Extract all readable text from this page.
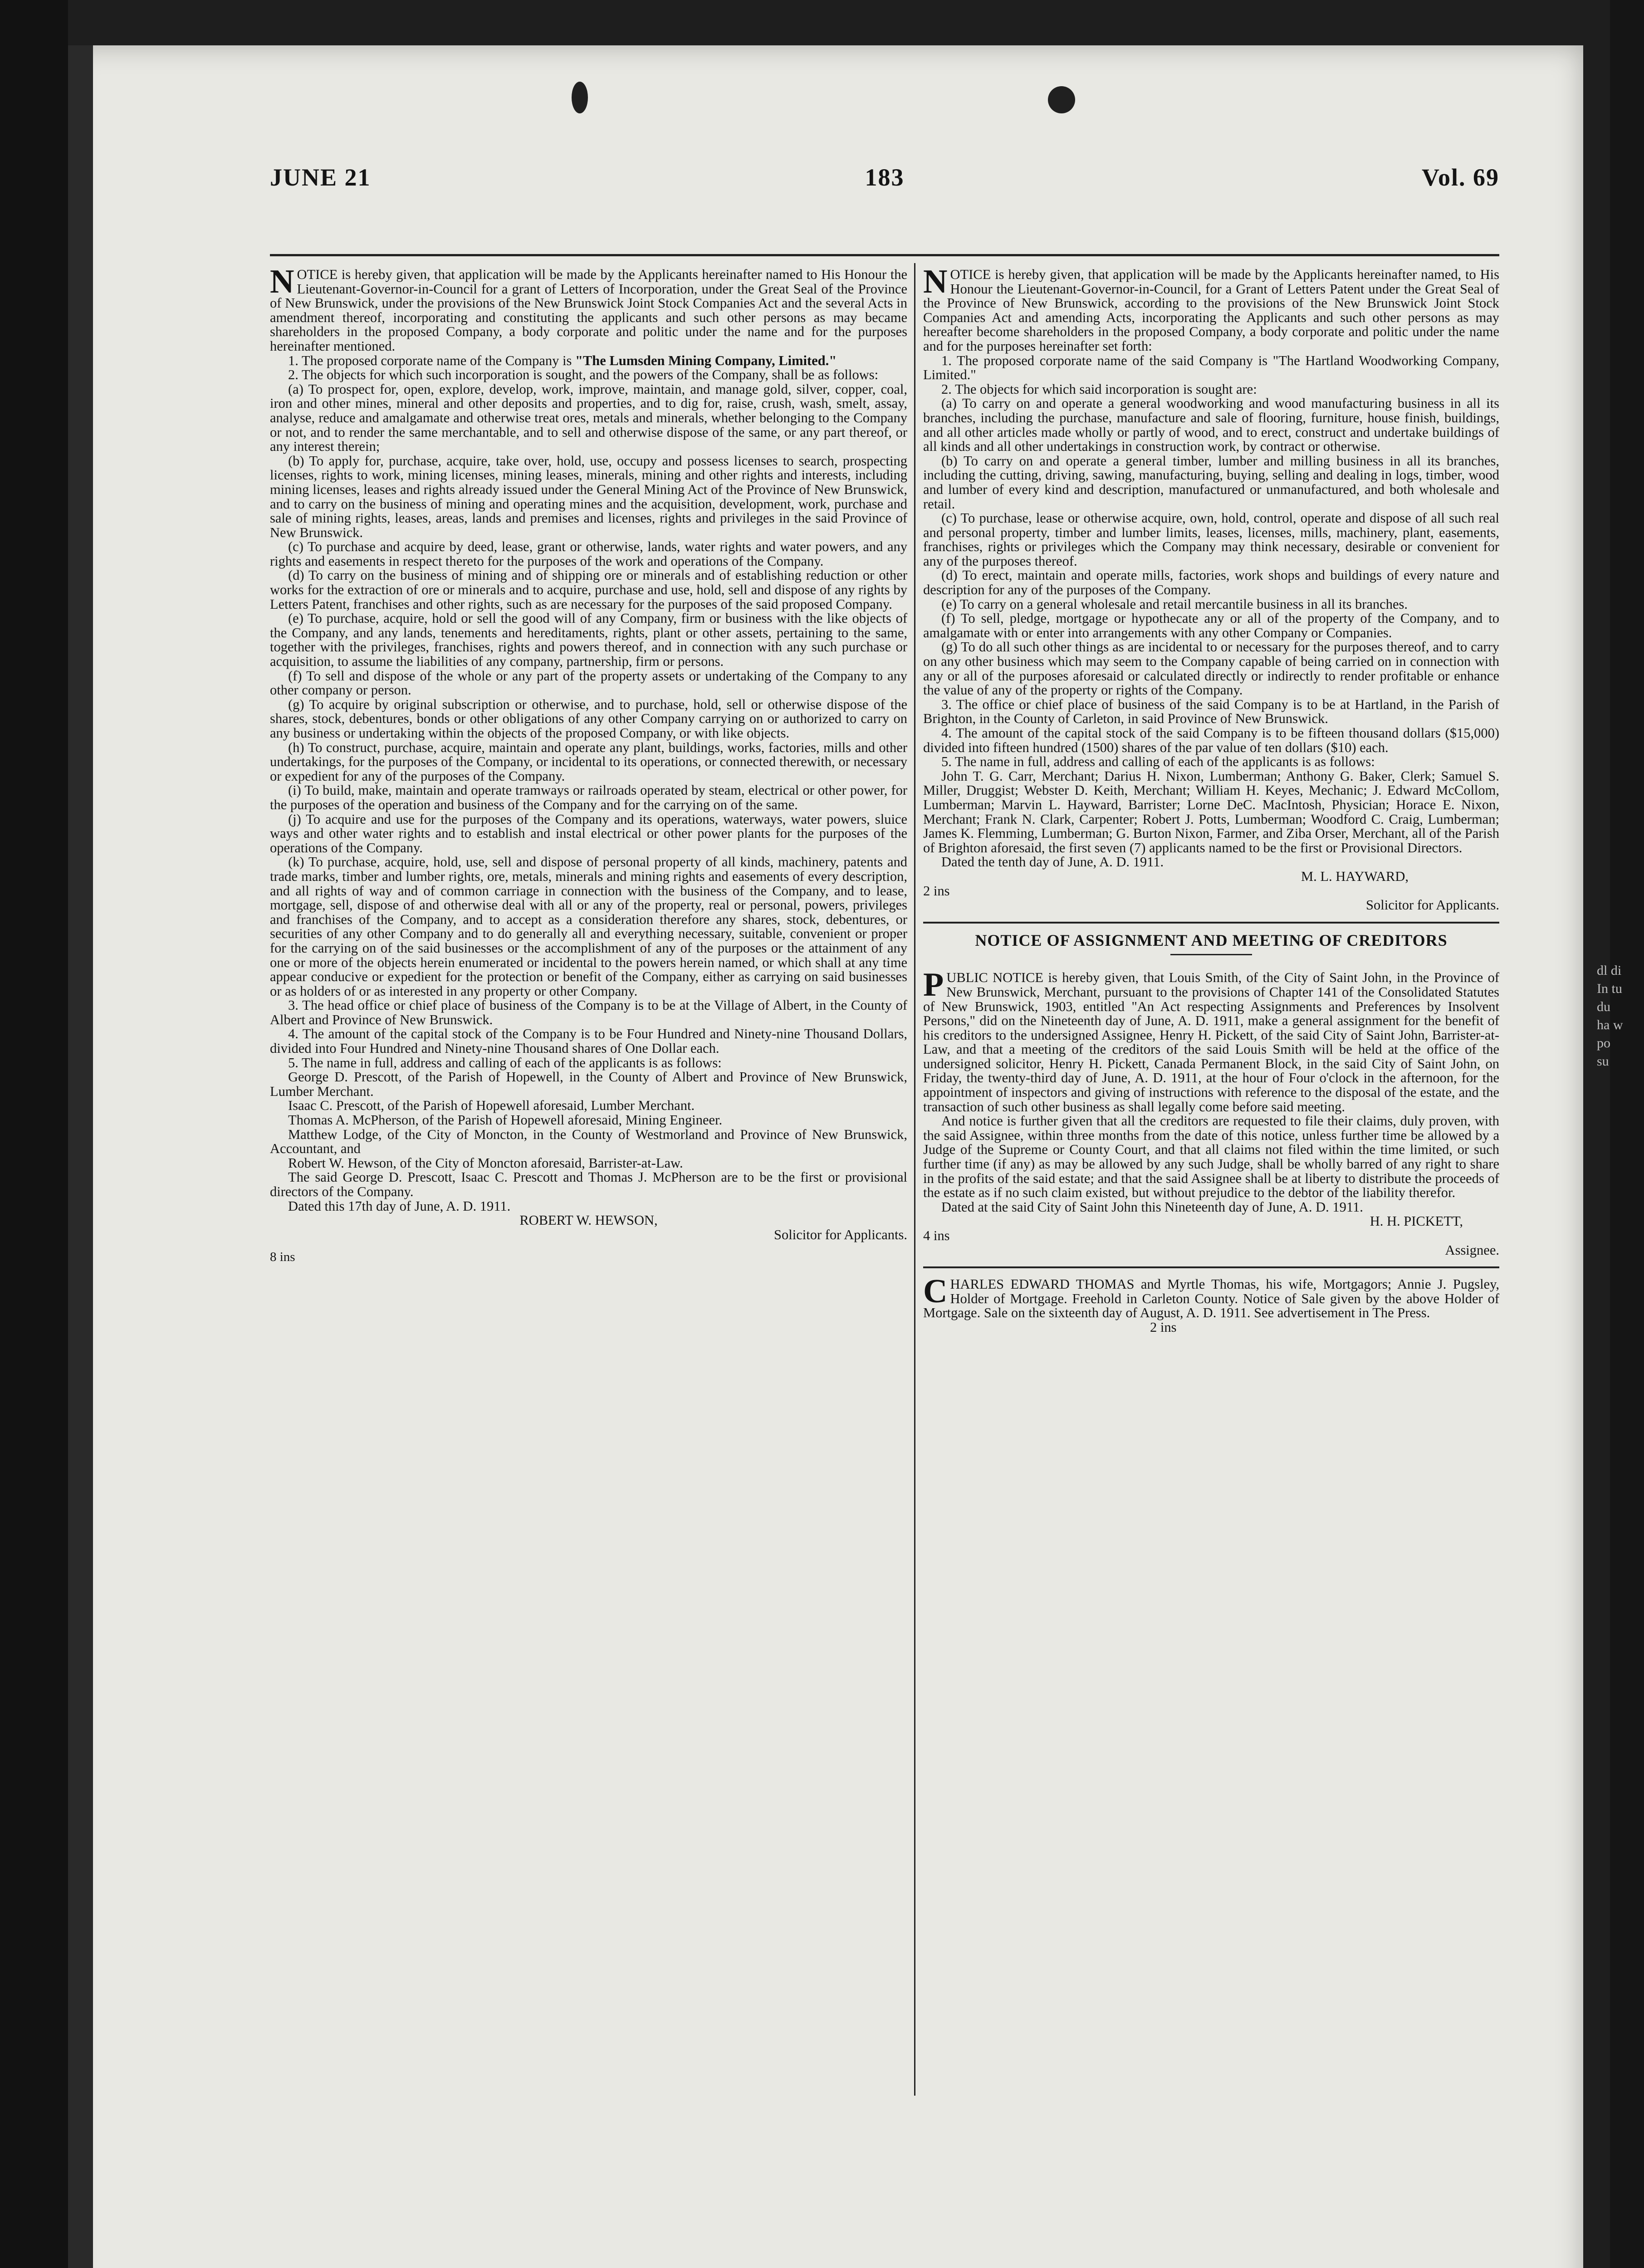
JUNE 21	183	Vol. 69

NOTICE is hereby given, that application will be made by the Applicants hereinafter named to His Honour the Lieutenant-Governor-in-Council for a grant of Letters of Incorporation, under the Great Seal of the Province of New Brunswick, under the provisions of the New Brunswick Joint Stock Companies Act and the several Acts in amendment thereof, incorporating and constituting the applicants and such other persons as may became shareholders in the proposed Company, a body corporate and politic under the name and for the purposes hereinafter mentioned.

1. The proposed corporate name of the Company is "The Lumsden Mining Company, Limited."

2. The objects for which such incorporation is sought, and the powers of the Company, shall be as follows:

(a) To prospect for, open, explore, develop, work, improve, maintain, and manage gold, silver, copper, coal, iron and other mines, mineral and other deposits and properties, and to dig for, raise, crush, wash, smelt, assay, analyse, reduce and amalgamate and otherwise treat ores, metals and minerals, whether belonging to the Company or not, and to render the same merchantable, and to sell and otherwise dispose of the same, or any part thereof, or any interest therein;

(b) To apply for, purchase, acquire, take over, hold, use, occupy and possess licenses to search, prospecting licenses, rights to work, mining licenses, mining leases, minerals, mining and other rights and interests, including mining licenses, leases and rights already issued under the General Mining Act of the Province of New Brunswick, and to carry on the business of mining and operating mines and the acquisition, development, work, purchase and sale of mining rights, leases, areas, lands and premises and licenses, rights and privileges in the said Province of New Brunswick.

(c) To purchase and acquire by deed, lease, grant or otherwise, lands, water rights and water powers, and any rights and easements in respect thereto for the purposes of the work and operations of the Company.

(d) To carry on the business of mining and of shipping ore or minerals and of establishing reduction or other works for the extraction of ore or minerals and to acquire, purchase and use, hold, sell and dispose of any rights by Letters Patent, franchises and other rights, such as are necessary for the purposes of the said proposed Company.

(e) To purchase, acquire, hold or sell the good will of any Company, firm or business with the like objects of the Company, and any lands, tenements and hereditaments, rights, plant or other assets, pertaining to the same, together with the privileges, franchises, rights and powers thereof, and in connection with any such purchase or acquisition, to assume the liabilities of any company, partnership, firm or persons.

(f) To sell and dispose of the whole or any part of the property assets or undertaking of the Company to any other company or person.

(g) To acquire by original subscription or otherwise, and to purchase, hold, sell or otherwise dispose of the shares, stock, debentures, bonds or other obligations of any other Company carrying on or authorized to carry on any business or undertaking within the objects of the proposed Company, or with like objects.

(h) To construct, purchase, acquire, maintain and operate any plant, buildings, works, factories, mills and other undertakings, for the purposes of the Company, or incidental to its operations, or connected therewith, or necessary or expedient for any of the purposes of the Company.

(i) To build, make, maintain and operate tramways or railroads operated by steam, electrical or other power, for the purposes of the operation and business of the Company and for the carrying on of the same.

(j) To acquire and use for the purposes of the Company and its operations, waterways, water powers, sluice ways and other water rights and to establish and instal electrical or other power plants for the purposes of the operations of the Company.

(k) To purchase, acquire, hold, use, sell and dispose of personal property of all kinds, machinery, patents and trade marks, timber and lumber rights, ore, metals, minerals and mining rights and easements of every description, and all rights of way and of common carriage in connection with the business of the Company, and to lease, mortgage, sell, dispose of and otherwise deal with all or any of the property, real or personal, powers, privileges and franchises of the Company, and to accept as a consideration therefore any shares, stock, debentures, or securities of any other Company and to do generally all and everything necessary, suitable, convenient or proper for the carrying on of the said businesses or the accomplishment of any of the purposes or the attainment of any one or more of the objects herein enumerated or incidental to the powers herein named, or which shall at any time appear conducive or expedient for the protection or benefit of the Company, either as carrying on said businesses or as holders of or as interested in any property or other Company.

3. The head office or chief place of business of the Company is to be at the Village of Albert, in the County of Albert and Province of New Brunswick.

4. The amount of the capital stock of the Company is to be Four Hundred and Ninety-nine Thousand Dollars, divided into Four Hundred and Ninety-nine Thousand shares of One Dollar each.

5. The name in full, address and calling of each of the applicants is as follows:

George D. Prescott, of the Parish of Hopewell, in the County of Albert and Province of New Brunswick, Lumber Merchant.

Isaac C. Prescott, of the Parish of Hopewell aforesaid, Lumber Merchant.

Thomas A. McPherson, of the Parish of Hopewell aforesaid, Mining Engineer.

Matthew Lodge, of the City of Moncton, in the County of Westmorland and Province of New Brunswick, Accountant, and

Robert W. Hewson, of the City of Moncton aforesaid, Barrister-at-Law.

The said George D. Prescott, Isaac C. Prescott and Thomas J. McPherson are to be the first or provisional directors of the Company.

Dated this 17th day of June, A. D. 1911.

ROBERT W. HEWSON,

Solicitor for Applicants.

8 ins

NOTICE is hereby given, that application will be made by the Applicants hereinafter named, to His Honour the Lieutenant-Governor-in-Council, for a Grant of Letters Patent under the Great Seal of the Province of New Brunswick, according to the provisions of the New Brunswick Joint Stock Companies Act and amending Acts, incorporating the Applicants and such other persons as may hereafter become shareholders in the proposed Company, a body corporate and politic under the name and for the purposes hereinafter set forth:

1. The proposed corporate name of the said Company is "The Hartland Woodworking Company, Limited."

2. The objects for which said incorporation is sought are:

(a) To carry on and operate a general woodworking and wood manufacturing business in all its branches, including the purchase, manufacture and sale of flooring, furniture, house finish, buildings, and all other articles made wholly or partly of wood, and to erect, construct and undertake buildings of all kinds and all other undertakings in construction work, by contract or otherwise.

(b) To carry on and operate a general timber, lumber and milling business in all its branches, including the cutting, driving, sawing, manufacturing, buying, selling and dealing in logs, timber, wood and lumber of every kind and description, manufactured or unmanufactured, and both wholesale and retail.

(c) To purchase, lease or otherwise acquire, own, hold, control, operate and dispose of all such real and personal property, timber and lumber limits, leases, licenses, mills, machinery, plant, easements, franchises, rights or privileges which the Company may think necessary, desirable or convenient for any of the purposes thereof.

(d) To erect, maintain and operate mills, factories, work shops and buildings of every nature and description for any of the purposes of the Company.

(e) To carry on a general wholesale and retail mercantile business in all its branches.

(f) To sell, pledge, mortgage or hypothecate any or all of the property of the Company, and to amalgamate with or enter into arrangements with any other Company or Companies.

(g) To do all such other things as are incidental to or necessary for the purposes thereof, and to carry on any other business which may seem to the Company capable of being carried on in connection with any or all of the purposes aforesaid or calculated directly or indirectly to render profitable or enhance the value of any of the property or rights of the Company.

3. The office or chief place of business of the said Company is to be at Hartland, in the Parish of Brighton, in the County of Carleton, in said Province of New Brunswick.

4. The amount of the capital stock of the said Company is to be fifteen thousand dollars ($15,000) divided into fifteen hundred (1500) shares of the par value of ten dollars ($10) each.

5. The name in full, address and calling of each of the applicants is as follows:

John T. G. Carr, Merchant; Darius H. Nixon, Lumberman; Anthony G. Baker, Clerk; Samuel S. Miller, Druggist; Webster D. Keith, Merchant; William H. Keyes, Mechanic; J. Edward McCollom, Lumberman; Marvin L. Hayward, Barrister; Lorne DeC. MacIntosh, Physician; Horace E. Nixon, Merchant; Frank N. Clark, Carpenter; Robert J. Potts, Lumberman; Woodford C. Craig, Lumberman; James K. Flemming, Lumberman; G. Burton Nixon, Farmer, and Ziba Orser, Merchant, all of the Parish of Brighton aforesaid, the first seven (7) applicants named to be the first or Provisional Directors.

Dated the tenth day of June, A. D. 1911.

M. L. HAYWARD,

2 ins

Solicitor for Applicants.

NOTICE OF ASSIGNMENT AND MEETING OF CREDITORS

PUBLIC NOTICE is hereby given, that Louis Smith, of the City of Saint John, in the Province of New Brunswick, Merchant, pursuant to the provisions of Chapter 141 of the Consolidated Statutes of New Brunswick, 1903, entitled "An Act respecting Assignments and Preferences by Insolvent Persons," did on the Nineteenth day of June, A. D. 1911, make a general assignment for the benefit of his creditors to the undersigned Assignee, Henry H. Pickett, of the said City of Saint John, Barrister-at-Law, and that a meeting of the creditors of the said Louis Smith will be held at the office of the undersigned solicitor, Henry H. Pickett, Canada Permanent Block, in the said City of Saint John, on Friday, the twenty-third day of June, A. D. 1911, at the hour of Four o'clock in the afternoon, for the appointment of inspectors and giving of instructions with reference to the disposal of the estate, and the transaction of such other business as shall legally come before said meeting.

And notice is further given that all the creditors are requested to file their claims, duly proven, with the said Assignee, within three months from the date of this notice, unless further time be allowed by a Judge of the Supreme or County Court, and that all claims not filed within the time limited, or such further time (if any) as may be allowed by any such Judge, shall be wholly barred of any right to share in the profits of the said estate; and that the said Assignee shall be at liberty to distribute the proceeds of the estate as if no such claim existed, but without prejudice to the debtor of the liability therefor.

Dated at the said City of Saint John this Nineteenth day of June, A. D. 1911.

H. H. PICKETT,

4 ins

Assignee.

CHARLES EDWARD THOMAS and Myrtle Thomas, his wife, Mortgagors; Annie J. Pugsley, Holder of Mortgage. Freehold in Carleton County. Notice of Sale given by the above Holder of Mortgage. Sale on the sixteenth day of August, A. D. 1911. See advertisement in The Press.

2 ins

dl di In tu du ha w po su
